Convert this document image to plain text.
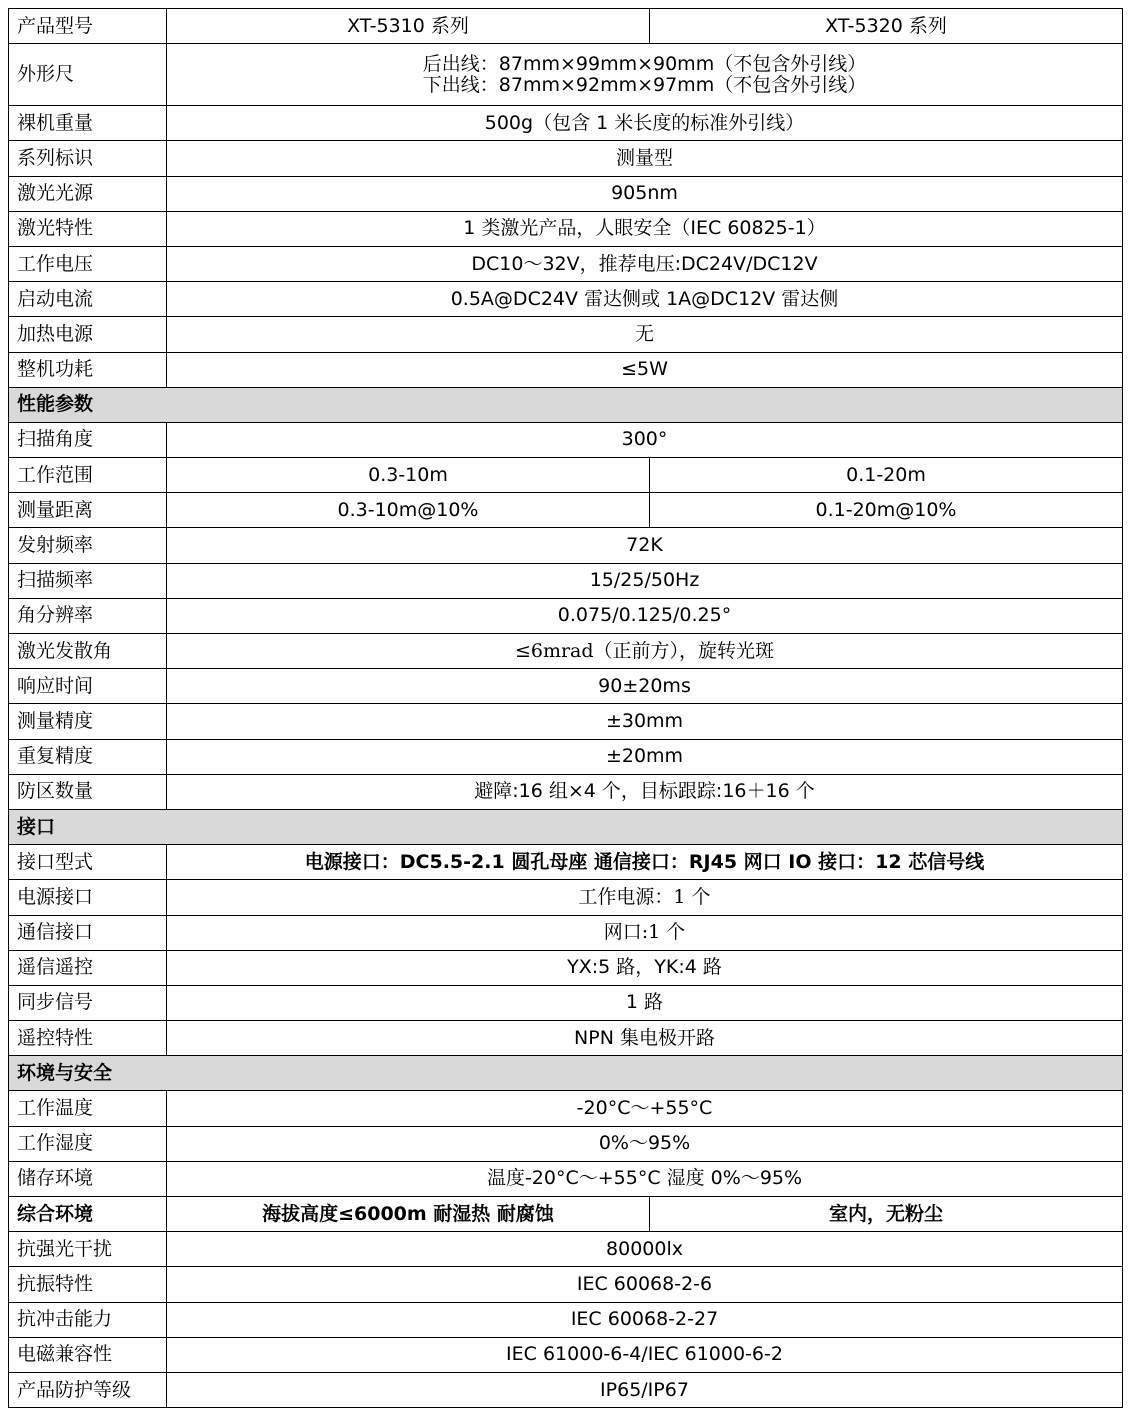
产品型号	XT-5310 系列	XT-5320 系列
外形尺	后出线：87mm×99mm×90mm（不包含外引线）
下出线：87mm×92mm×97mm（不包含外引线）	

裸机重量	500g（包含 1 米长度的标准外引线）	
系列标识	测量型	
激光光源	905nm	
激光特性	1 类激光产品，人眼安全（IEC 60825-1）	
工作电压	DC10～32V，推荐电压:DC24V/DC12V	
启动电流	0.5A@DC24V 雷达侧或 1A@DC12V 雷达侧	
加热电源	无	
整机功耗	≤5W	
性能参数		
扫描角度	300°	
工作范围	0.3-10m	0.1-20m
测量距离	0.3-10m@10%	0.1-20m@10%
发射频率	72K	
扫描频率	15/25/50Hz	
角分辨率	0.075/0.125/0.25°	
激光发散角	≤6mrad（正前方），旋转光斑	
响应时间	90±20ms	
测量精度	±30mm	
重复精度	±20mm	
防区数量	避障:16 组×4 个，目标跟踪:16＋16 个	
接口		
接口型式	电源接口：DC5.5-2.1 圆孔母座 通信接口：RJ45 网口 IO 接口：12 芯信号线	
电源接口	工作电源：1 个	
通信接口	网口:1 个	
遥信遥控	YX:5 路，YK:4 路	
同步信号	1 路	
遥控特性	NPN 集电极开路	
环境与安全		
工作温度	-20°C～+55°C	
工作湿度	0%～95%	
储存环境	温度-20°C～+55°C 湿度 0%～95%	
综合环境	海拔高度≤6000m 耐湿热 耐腐蚀	室内，无粉尘
抗强光干扰	80000lx	
抗振特性	IEC 60068-2-6	
抗冲击能力	IEC 60068-2-27	
电磁兼容性	IEC 61000-6-4/IEC 61000-6-2	
产品防护等级	IP65/IP67	
